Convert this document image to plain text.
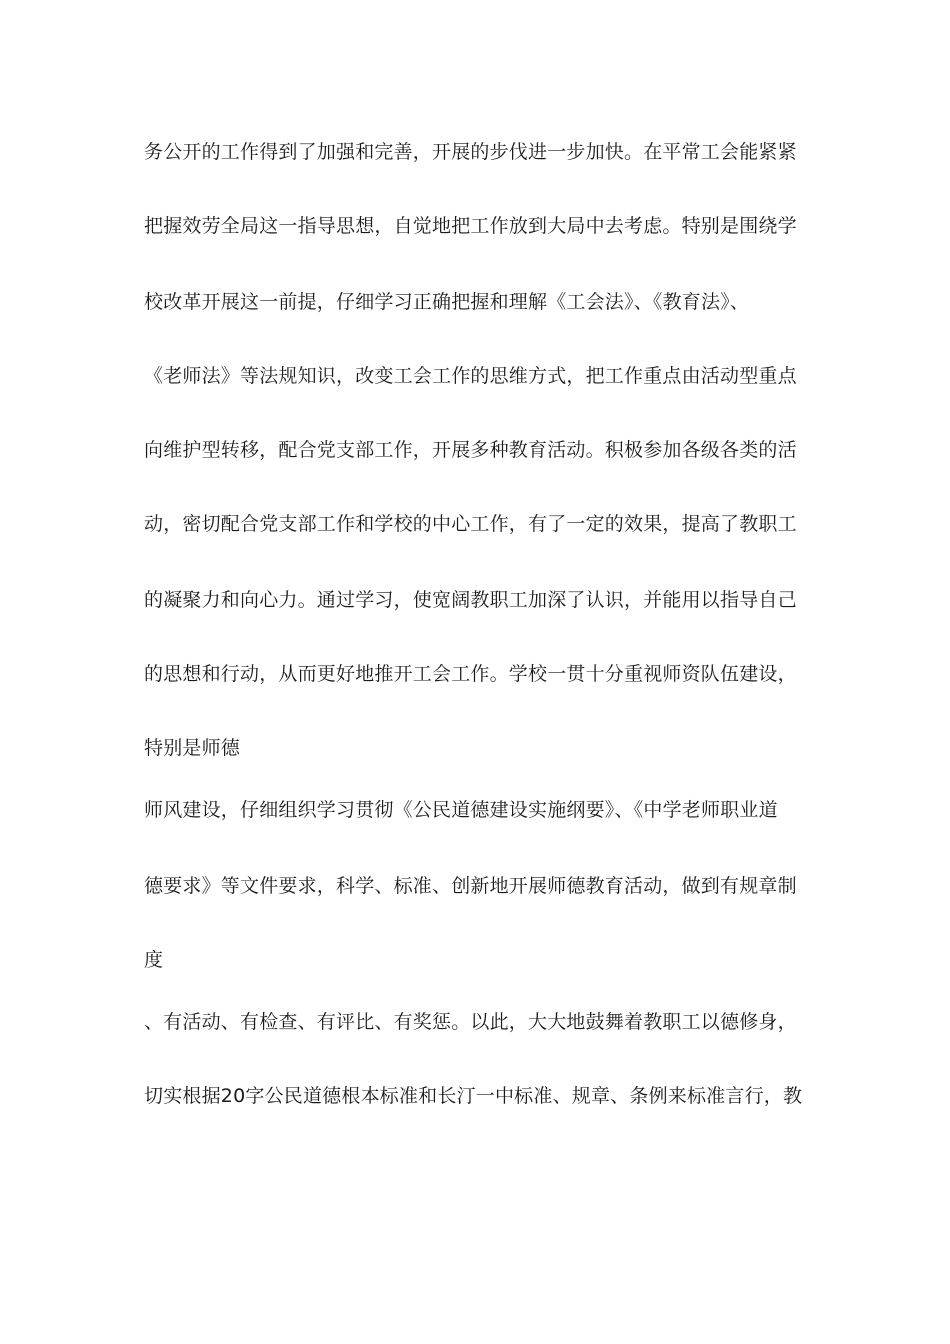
务公开的工作得到了加强和完善，开展的步伐进一步加快。在平常工会能紧紧

把握效劳全局这一指导思想，自觉地把工作放到大局中去考虑。特别是围绕学

校改革开展这一前提，仔细学习正确把握和理解《工会法》、《教育法》、

《老师法》等法规知识，改变工会工作的思维方式，把工作重点由活动型重点

向维护型转移，配合党支部工作，开展多种教育活动。积极参加各级各类的活

动，密切配合党支部工作和学校的中心工作，有了一定的效果，提高了教职工

的凝聚力和向心力。通过学习，使宽阔教职工加深了认识，并能用以指导自己

的思想和行动，从而更好地推开工会工作。学校一贯十分重视师资队伍建设，

特别是师德

师风建设，仔细组织学习贯彻《公民道德建设实施纲要》、《中学老师职业道

德要求》等文件要求，科学、标准、创新地开展师德教育活动，做到有规章制

度

、有活动、有检查、有评比、有奖惩。以此，大大地鼓舞着教职工以德修身，

切实根据20字公民道德根本标准和长汀一中标准、规章、条例来标准言行，教
